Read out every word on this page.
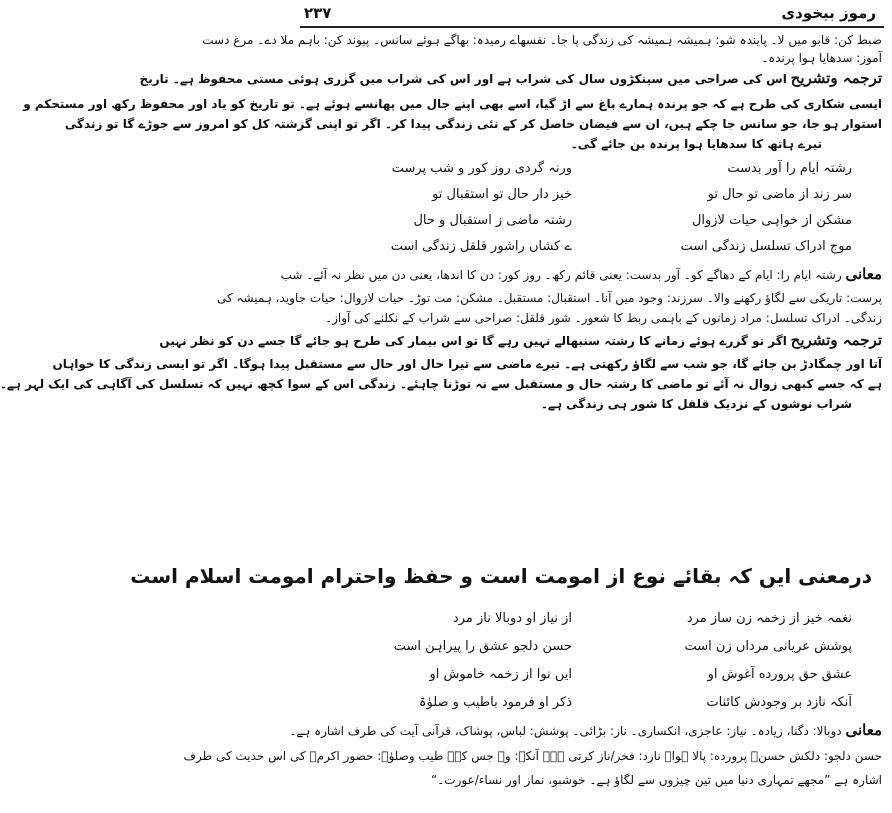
رموز بیخودی
۲۳۷
ضبط کن: قابو میں لا۔ پایندہ شو: ہمیشہ ہمیشہ کی زندگی پا جا۔ نفسھاے رمیدہ: بھاگے ہوئے سانس۔ پیوند کن: باہم ملا دے۔ مرغ دست
آموز: سدھایا ہوا پرندہ۔
ترجمہ وتشریح اس کی صراحی میں سینکڑوں سال کی شراب ہے اور اس کی شراب میں گزری ہوئی مستی محفوظ ہے۔ تاریخ
ایسی شکاری کی طرح ہے کہ جو پرندہ ہمارے باغ سے اڑ گیا، اسے بھی اپنے جال میں پھانسے ہوئے ہے۔ تو تاریخ کو یاد اور محفوظ رکھ اور مستحکم و
استوار ہو جا، جو سانس جا چکے ہیں، ان سے فیضان حاصل کر کے نئی زندگی پیدا کر۔ اگر تو اپنی گزشتہ کل کو امروز سے جوڑے گا تو زندگی
تیرے ہاتھ کا سدھایا ہوا پرندہ بن جائے گی۔
رشتہ ایام را آور بدست
ورنہ گردی روز کور و شب پرست
سر زند از ماضی تو حال تو
خیز دار حال تو استقبال تو
مشکن از خواہی حیات لازوال
رشتہ ماضی ز استقبال و حال
موج ادراک تسلسل زندگی است
ے کشاں راشور قلقل زندگی است
معانی رشتہ ایام را: ایام کے دھاگے کو۔ آور بدست: یعنی قائم رکھ۔ روز کور: دن کا اندھا، یعنی دن میں نظر نہ آئے۔ شب
پرست: تاریکی سے لگاؤ رکھنے والا۔ سرزند: وجود میں آنا۔ استقبال: مستقبل۔ مشکن: مت توڑ۔ حیات لازوال: حیات جاوید، ہمیشہ کی
زندگی۔ ادراک تسلسل: مراد زمانوں کے باہمی ربط کا شعور۔ شور قلقل: صراحی سے شراب کے نکلنے کی آواز۔
ترجمہ وتشریح اگر تو گزرے ہوئے زمانے کا رشتہ سنبھالے نہیں رہے گا تو اس بیمار کی طرح ہو جائے گا جسے دن کو نظر نہیں
آتا اور چمگادڑ بن جائے گا، جو شب سے لگاؤ رکھتی ہے۔ تیرے ماضی سے تیرا حال اور حال سے مستقبل پیدا ہوگا۔ اگر تو ایسی زندگی کا خواہاں
ہے کہ جسے کبھی زوال نہ آئے تو ماضی کا رشتہ حال و مستقبل سے نہ توڑنا چاہئے۔ زندگی اس کے سوا کچھ نہیں کہ تسلسل کی آگاہی کی ایک لہر ہے۔
شراب نوشوں کے نزدیک قلقل کا شور ہی زندگی ہے۔
درمعنی ایں کہ بقائے نوع از امومت است و حفظ واحترام امومت اسلام است
نغمہ خیز از زخمہ زن ساز مرد
از نیاز او دوبالا ناز مرد
پوشش عریانی مرداں زن است
حسن دلجو عشق را پیراہن است
عشق حق پرورده آغوش او
ایں نوا از زخمہ خاموش او
آنکہ نازد بر وجودش کائنات
ذکر او فرمود باطیب و صلوٰۃ
معانی دوبالا: دگنا، زیادہ۔ نیاز: عاجزی، انکساری۔ ناز: بڑائی۔ پوشش: لباس، پوشاک، قرآنی آیت کی طرف اشارہ ہے۔
حسن دلجو: دلکش حسن۔ پرورده: پالا ہوا۔ نازد: فخر/ناز کرتی ہے۔ آنکہ: وہ جس کے۔ طیب وصلوٰۃ: حضور اکرمؐ کی اس حدیث کی طرف
اشارہ ہے ”مجھے تمہاری دنیا میں تین چیزوں سے لگاؤ ہے۔ خوشبو، نماز اور نساء/عورت۔“
